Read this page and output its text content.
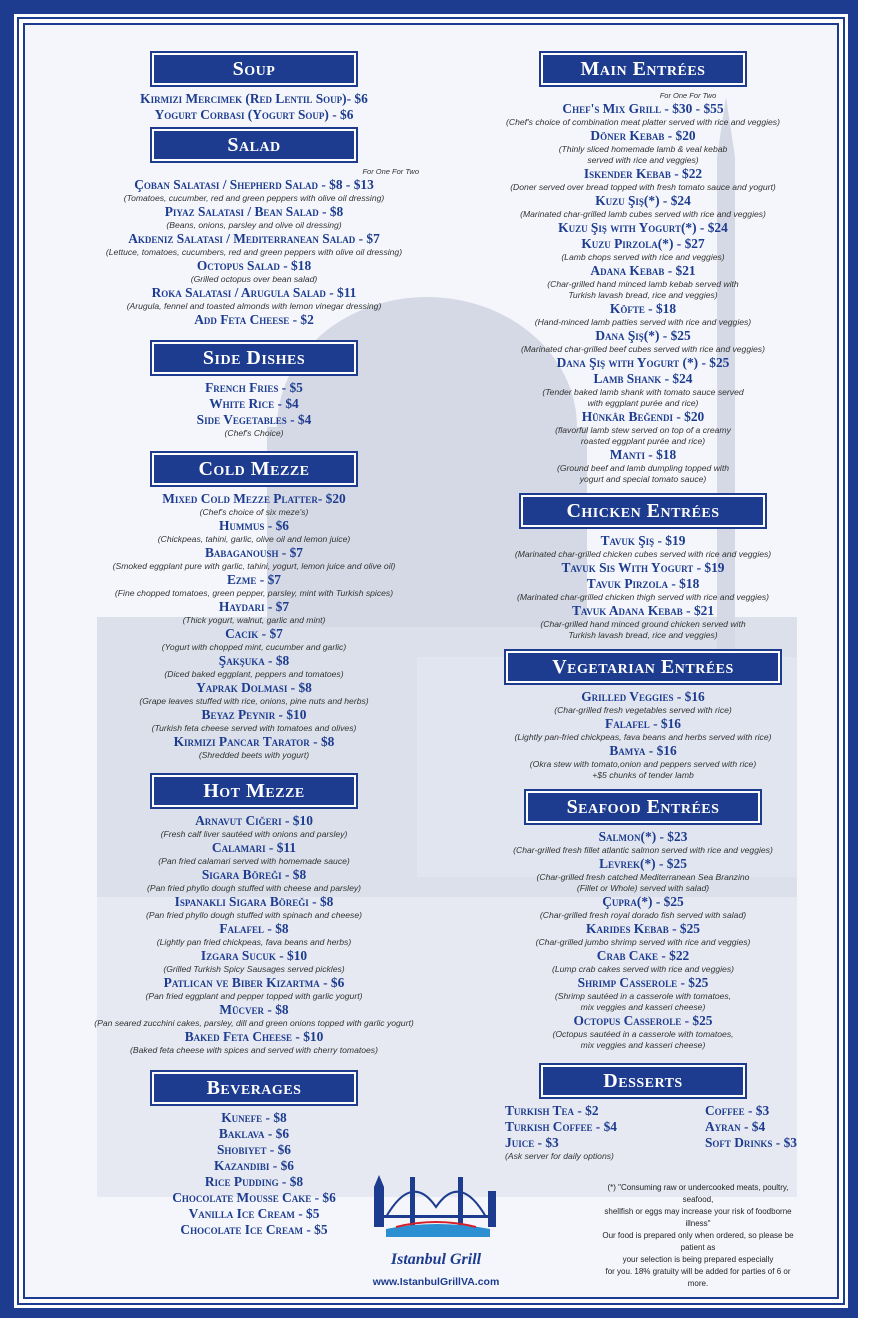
Soup
Kirmizi Mercimek (Red Lentil Soup)- $6
Yogurt Corbasi (Yogurt Soup) - $6
Salad
For One For Two
Çoban Salatasi / Shepherd Salad - $8 - $13
(Tomatoes, cucumber, red and green peppers with olive oil dressing)
Piyaz Salatasi / Bean Salad - $8
(Beans, onions, parsley and olive oil dressing)
Akdeniz Salatasi / Mediterranean Salad - $7
(Lettuce, tomatoes, cucumbers, red and green peppers with olive oil dressing)
Octopus Salad - $18
(Grilled octopus over bean salad)
Roka Salatasi / Arugula Salad - $11
(Arugula, fennel and toasted almonds with lemon vinegar dressing)
Add Feta Cheese - $2
Side Dishes
French Fries - $5
White Rice - $4
Side Vegetables - $4
(Chef's Choice)
Cold Mezze
Mixed Cold Mezze Platter- $20
(Chef's choice of six meze's)
Hummus - $6
(Chickpeas, tahini, garlic, olive oil and lemon juice)
Babaganoush - $7
(Smoked eggplant pure with garlic, tahini, yogurt, lemon juice and olive oil)
Ezme - $7
(Fine chopped tomatoes, green pepper, parsley, mint with Turkish spices)
Haydari - $7
(Thick yogurt, walnut, garlic and mint)
Cacik - $7
(Yogurt with chopped mint, cucumber and garlic)
Şakşuka - $8
(Diced baked eggplant, peppers and tomatoes)
Yaprak Dolmasi - $8
(Grape leaves stuffed with rice, onions, pine nuts and herbs)
Beyaz Peynir - $10
(Turkish feta cheese served with tomatoes and olives)
Kirmizi Pancar Tarator - $8
(Shredded beets with yogurt)
Hot Mezze
Arnavut Ciğeri - $10
(Fresh calf liver sautéed with onions and parsley)
Calamari - $11
(Pan fried calamari served with homemade sauce)
Sigara Böreği - $8
(Pan fried phyllo dough stuffed with cheese and parsley)
Ispanakli Sigara Böreği - $8
(Pan fried phyllo dough stuffed with spinach and cheese)
Falafel - $8
(Lightly pan fried chickpeas, fava beans and herbs)
Izgara Sucuk - $10
(Grilled Turkish Spicy Sausages served pickles)
Patlican ve Biber Kizartma - $6
(Pan fried eggplant and pepper topped with garlic yogurt)
Mücver - $8
(Pan seared zucchini cakes, parsley, dill and green onions topped with garlic yogurt)
Baked Feta Cheese - $10
(Baked feta cheese with spices and served with cherry tomatoes)
Beverages
Kunefe - $8
Baklava - $6
Shobiyet - $6
Kazandibi - $6
Rice Pudding - $8
Chocolate Mousse Cake - $6
Vanilla Ice Cream - $5
Chocolate Ice Cream - $5
Main Entrées
For One For Two
Chef's Mix Grill - $30 - $55
(Chef's choice of combination meat platter served with rice and veggies)
Döner Kebab - $20
(Thinly sliced homemade lamb & veal kebab
served with rice and veggies)
Iskender Kebab - $22
(Doner served over bread topped with fresh tomato sauce and yogurt)
Kuzu Şiş(*) - $24
(Marinated char-grilled lamb cubes served with rice and veggies)
Kuzu Şiş with Yogurt(*) - $24
Kuzu Pirzola(*) - $27
(Lamb chops served with rice and veggies)
Adana Kebab - $21
(Char-grilled hand minced lamb kebab served with
Turkish lavash bread, rice and veggies)
Köfte - $18
(Hand-minced lamb patties served with rice and veggies)
Dana Şiş(*) - $25
(Marinated char-grilled beef cubes served with rice and veggies)
Dana Şiş with Yogurt (*) - $25
Lamb Shank - $24
(Tender baked lamb shank with tomato sauce served
with eggplant purée and rice)
Hünkâr Beğendi - $20
(flavorful lamb stew served on top of a creamy
roasted eggplant purée and rice)
Manti - $18
(Ground beef and lamb dumpling topped with
yogurt and special tomato sauce)
Chicken Entrées
Tavuk Şiş - $19
(Marinated char-grilled chicken cubes served with rice and veggies)
Tavuk Sis With Yogurt - $19
Tavuk Pirzola - $18
(Marinated char-grilled chicken thigh served with rice and veggies)
Tavuk Adana Kebab - $21
(Char-grilled hand minced ground chicken served with
Turkish lavash bread, rice and veggies)
Vegetarian Entrées
Grilled Veggies - $16
(Char-grilled fresh vegetables served with rice)
Falafel - $16
(Lightly pan-fried chickpeas, fava beans and herbs served with rice)
Bamya - $16
(Okra stew with tomato,onion and peppers served with rice)
+$5 chunks of tender lamb
Seafood Entrées
Salmon(*) - $23
(Char-grilled fresh fillet atlantic salmon served with rice and veggies)
Levrek(*) - $25
(Char-grilled fresh catched Mediterranean Sea Branzino
(Fillet or Whole) served with salad)
Çupra(*) - $25
(Char-grilled fresh royal dorado fish served with salad)
Karides Kebab - $25
(Char-grilled jumbo shrimp served with rice and veggies)
Crab Cake - $22
(Lump crab cakes served with rice and veggies)
Shrimp Casserole - $25
(Shrimp sautéed in a casserole with tomatoes,
mix veggies and kasseri cheese)
Octopus Casserole - $25
(Octopus sautéed in a casserole with tomatoes,
mix veggies and kasseri cheese)
Desserts
Turkish Tea - $2
Turkish Coffee - $4
Juice - $3
(Ask server for daily options)
Coffee - $3
Ayran - $4
Soft Drinks - $3
(*) "Consuming raw or undercooked meats, poultry, seafood,
shellfish or eggs may increase your risk of foodborne illness"
Our food is prepared only when ordered, so please be patient as
your selection is being prepared especially
for you. 18% gratuity will be added for parties of 6 or more.
Istanbul Grill
www.IstanbulGrillVA.com
